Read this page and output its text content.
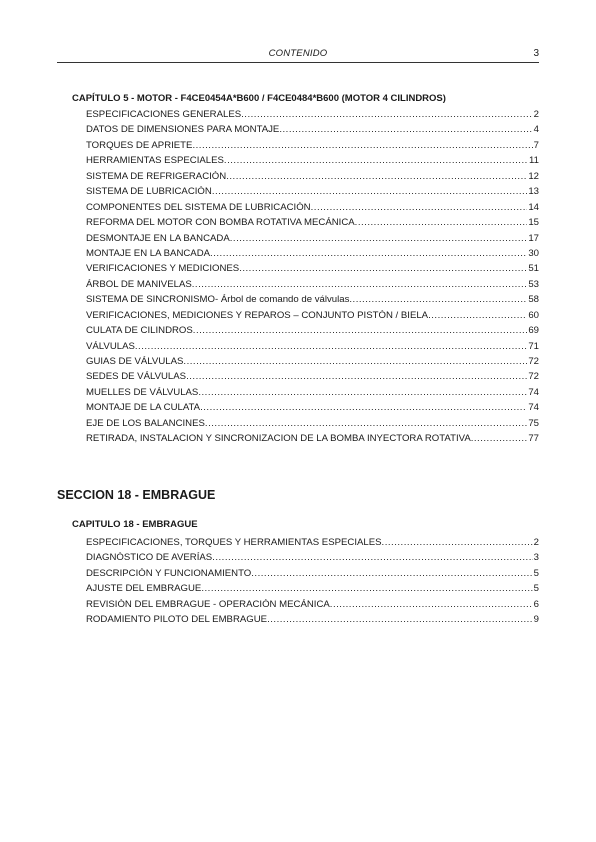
CONTENIDO	3
CAPÍTULO 5 - MOTOR - F4CE0454A*B600 / F4CE0484*B600 (MOTOR 4 CILINDROS)
ESPECIFICACIONES GENERALES .....	2
DATOS DE DIMENSIONES PARA MONTAJE .....	4
TORQUES DE APRIETE .....	7
HERRAMIENTAS ESPECIALES .....	11
SISTEMA DE REFRIGERACIÓN .....	12
SISTEMA DE LUBRICACIÓN .....	13
COMPONENTES DEL SISTEMA DE LUBRICACIÓN .....	14
REFORMA DEL MOTOR CON BOMBA ROTATIVA MECÁNICA .....	15
DESMONTAJE EN LA BANCADA .....	17
MONTAJE EN LA BANCADA .....	30
VERIFICACIONES Y MEDICIONES .....	51
ÁRBOL DE MANIVELAS .....	53
SISTEMA DE SINCRONISMO- Árbol de comando de válvulas .....	58
VERIFICACIONES, MEDICIONES Y REPAROS – CONJUNTO PISTÓN / BIELA .....	60
CULATA DE CILINDROS .....	69
VÁLVULAS .....	71
GUIAS DE VÁLVULAS .....	72
SEDES DE VÁLVULAS .....	72
MUELLES DE VÁLVULAS .....	74
MONTAJE DE LA CULATA .....	74
EJE DE LOS BALANCINES .....	75
RETIRADA, INSTALACION Y SINCRONIZACION DE LA BOMBA INYECTORA ROTATIVA .....	77
SECCION 18 - EMBRAGUE
CAPITULO 18 - EMBRAGUE
ESPECIFICACIONES, TORQUES Y HERRAMIENTAS ESPECIALES .....	2
DIAGNÓSTICO DE AVERÍAS .....	3
DESCRIPCIÓN Y FUNCIONAMIENTO .....	5
AJUSTE DEL EMBRAGUE .....	5
REVISIÓN DEL EMBRAGUE - OPERACIÓN MECÁNICA .....	6
RODAMIENTO PILOTO DEL EMBRAGUE .....	9
